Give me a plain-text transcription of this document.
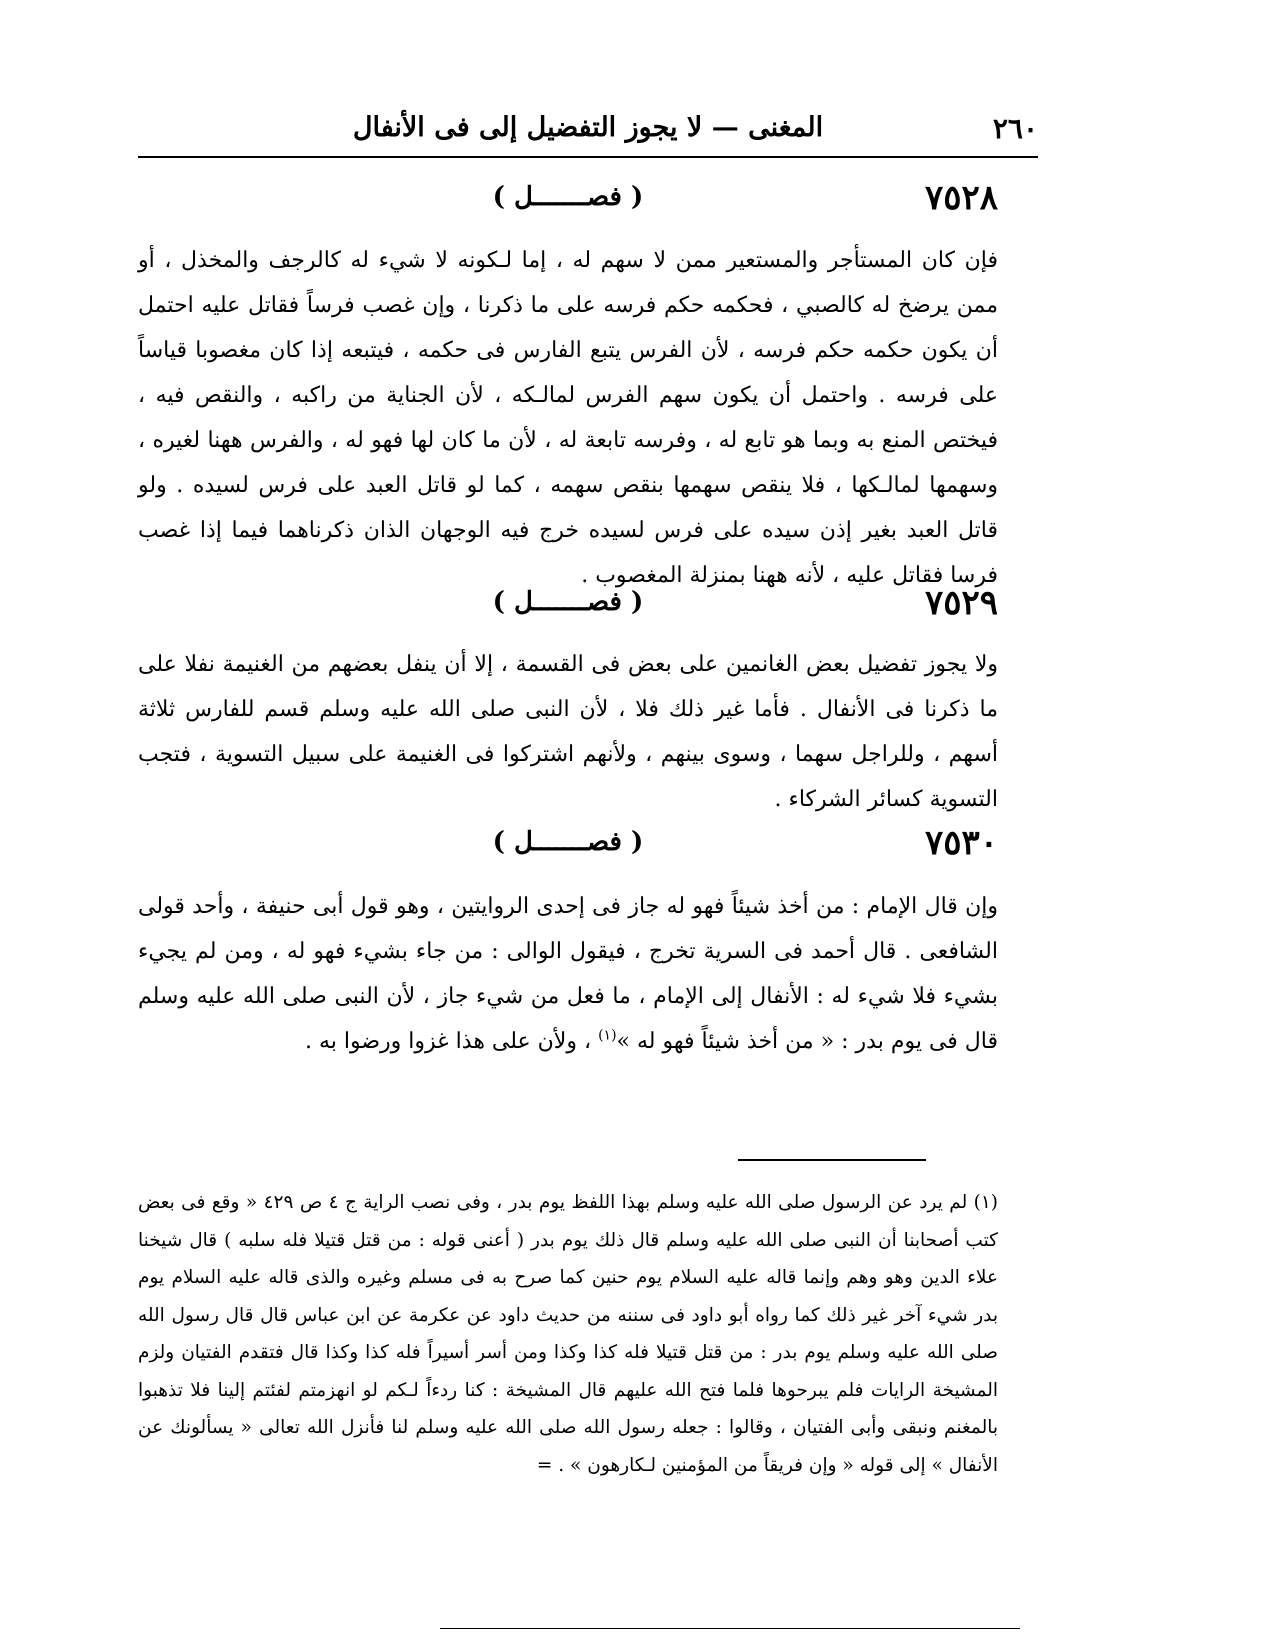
٢٦٠
المغنى — لا يجوز التفضيل إلى فى الأنفال
٧٥٢٨
( فصـــــــل )

فإن كان المستأجر والمستعير ممن لا سهم له ، إما لـكونه لا شيء له كالرجف والمخذل ، أو ممن يرضخ له كالصبي ، فحكمه حكم فرسه على ما ذكرنا ، وإن غصب فرساً فقاتل عليه احتمل أن يكون حكمه حكم فرسه ، لأن الفرس يتبع الفارس فى حكمه ، فيتبعه إذا كان مغصوبا قياساً على فرسه . واحتمل أن يكون سهم الفرس لمالـكه ، لأن الجناية من راكبه ، والنقص فيه ، فيختص المنع به وبما هو تابع له ، وفرسه تابعة له ، لأن ما كان لها فهو له ، والفرس ههنا لغيره ، وسهمها لمالـكها ، فلا ينقص سهمها بنقص سهمه ، كما لو قاتل العبد على فرس لسيده . ولو قاتل العبد بغير إذن سيده على فرس لسيده خرج فيه الوجهان الذان ذكرناهما فيما إذا غصب فرسا فقاتل عليه ، لأنه ههنا بمنزلة المغصوب .

٧٥٢٩
( فصـــــــل )

ولا يجوز تفضيل بعض الغانمين على بعض فى القسمة ، إلا أن ينفل بعضهم من الغنيمة نفلا على ما ذكرنا فى الأنفال . فأما غير ذلك فلا ، لأن النبى صلى الله عليه وسلم قسم للفارس ثلاثة أسهم ، وللراجل سهما ، وسوى بينهم ، ولأنهم اشتركوا فى الغنيمة على سبيل التسوية ، فتجب التسوية كسائر الشركاء .

٧٥٣٠
( فصـــــــل )

وإن قال الإمام : من أخذ شيئاً فهو له جاز فى إحدى الروايتين ، وهو قول أبى حنيفة ، وأحد قولى الشافعى . قال أحمد فى السرية تخرج ، فيقول الوالى : من جاء بشيء فهو له ، ومن لم يجيء بشيء فلا شيء له : الأنفال إلى الإمام ، ما فعل من شيء جاز ، لأن النبى صلى الله عليه وسلم قال فى يوم بدر : « من أخذ شيئاً فهو له »$^{(١)}$ ، ولأن على هذا غزوا ورضوا به .

(١) لم يرد عن الرسول صلى الله عليه وسلم بهذا اللفظ يوم بدر ، وفى نصب الراية ج ٤ ص ٤٢٩ « وقع فى بعض كتب أصحابنا أن النبى صلى الله عليه وسلم قال ذلك يوم بدر ( أعنى قوله : من قتل قتيلا فله سلبه ) قال شيخنا علاء الدين وهو وهم وإنما قاله عليه السلام يوم حنين كما صرح به فى مسلم وغيره والذى قاله عليه السلام يوم بدر شيء آخر غير ذلك كما رواه أبو داود فى سننه من حديث داود عن عكرمة عن ابن عباس قال قال رسول الله صلى الله عليه وسلم يوم بدر : من قتل قتيلا فله كذا وكذا ومن أسر أسيراً فله كذا وكذا قال فتقدم الفتيان ولزم المشيخة الرايات فلم يبرحوها فلما فتح الله عليهم قال المشيخة : كنا ردءاً لـكم لو انهزمتم لفئتم إلينا فلا تذهبوا بالمغنم ونبقى وأبى الفتيان ، وقالوا : جعله رسول الله صلى الله عليه وسلم لنا فأنزل الله تعالى « يسألونك عن الأنفال » إلى قوله « وإن فريقاً من المؤمنين لـكارهون » . =
